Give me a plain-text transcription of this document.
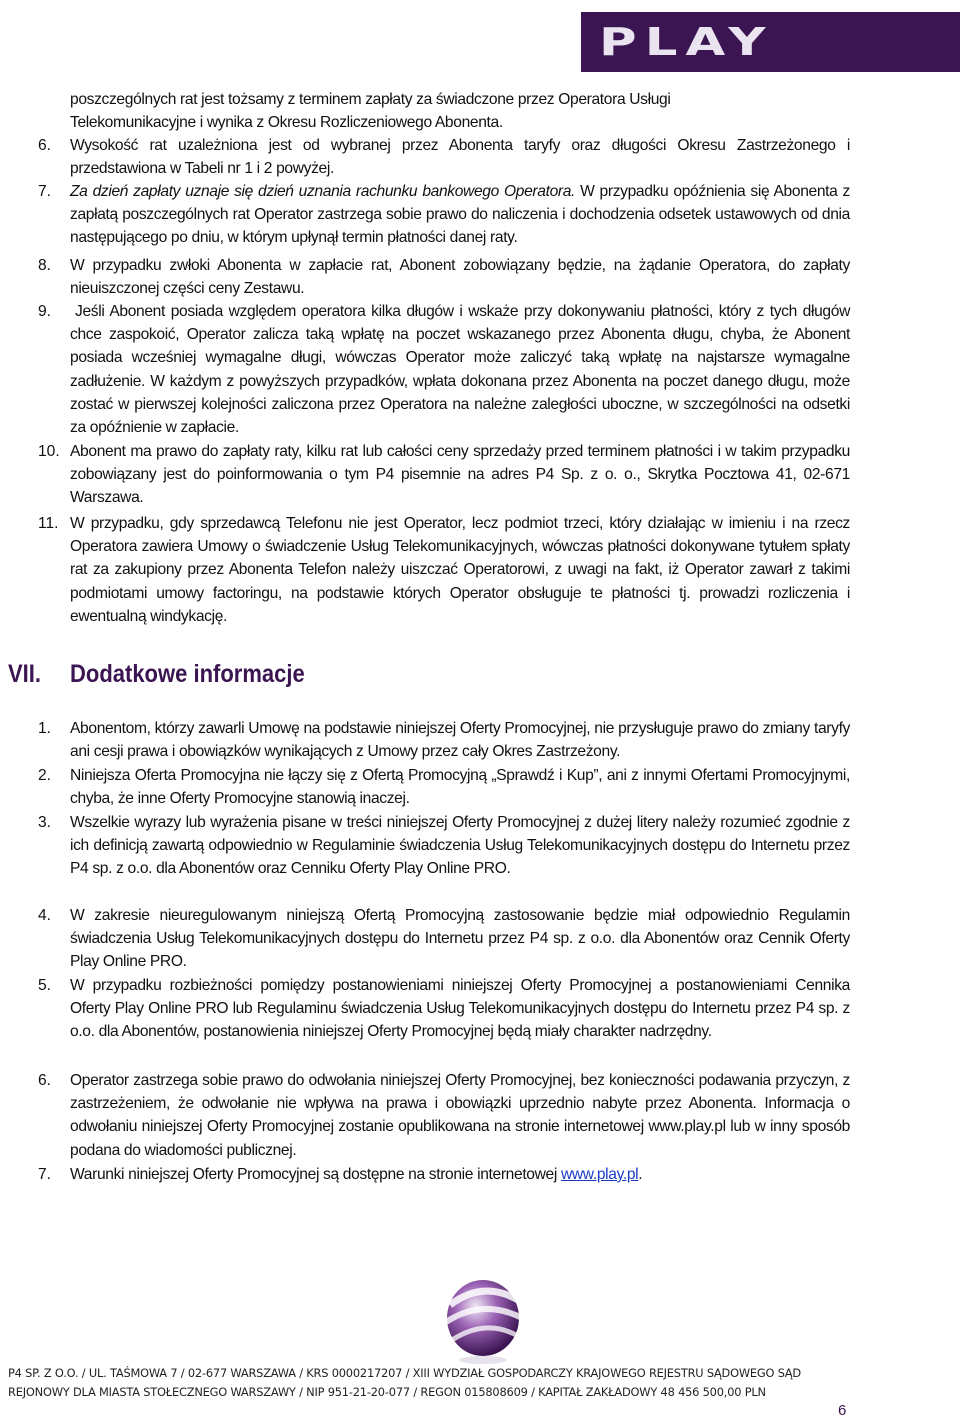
PLAY
poszczególnych rat jest tożsamy z terminem zapłaty za świadczone przez Operatora Usługi
Telekomunikacyjne i wynika z Okresu Rozliczeniowego Abonenta.
6. Wysokość rat uzależniona jest od wybranej przez Abonenta taryfy oraz długości Okresu Zastrzeżonego i przedstawiona w Tabeli nr 1 i 2 powyżej.
7. Za dzień zapłaty uznaje się dzień uznania rachunku bankowego Operatora. W przypadku opóźnienia się Abonenta z zapłatą poszczególnych rat Operator zastrzega sobie prawo do naliczenia i dochodzenia odsetek ustawowych od dnia następującego po dniu, w którym upłynął termin płatności danej raty.
8. W przypadku zwłoki Abonenta w zapłacie rat, Abonent zobowiązany będzie, na żądanie Operatora, do zapłaty nieuiszczonej części ceny Zestawu.
9.	Jeśli Abonent posiada względem operatora kilka długów i wskaże przy dokonywaniu płatności, który z tych długów chce zaspokoić, Operator zalicza taką wpłatę na poczet wskazanego przez Abonenta długu, chyba, że Abonent posiada wcześniej wymagalne długi, wówczas Operator może zaliczyć taką wpłatę na najstarsze wymagalne zadłużenie. W każdym z powyższych przypadków, wpłata dokonana przez Abonenta na poczet danego długu, może zostać w pierwszej kolejności zaliczona przez Operatora na należne zaległości uboczne, w szczególności na odsetki za opóźnienie w zapłacie.
10. Abonent ma prawo do zapłaty raty, kilku rat lub całości ceny sprzedaży przed terminem płatności i w takim przypadku zobowiązany jest do poinformowania o tym P4 pisemnie na adres P4 Sp. z o. o., Skrytka Pocztowa 41, 02-671 Warszawa.
11. W przypadku, gdy sprzedawcą Telefonu nie jest Operator, lecz podmiot trzeci, który działając w imieniu i na rzecz Operatora zawiera Umowy o świadczenie Usług Telekomunikacyjnych, wówczas płatności dokonywane tytułem spłaty rat za zakupiony przez Abonenta Telefon należy uiszczać Operatorowi, z uwagi na fakt, iż Operator zawarł z takimi podmiotami umowy factoringu, na podstawie których Operator obsługuje te płatności tj. prowadzi rozliczenia i ewentualną windykację.
VII. Dodatkowe informacje
1. Abonentom, którzy zawarli Umowę na podstawie niniejszej Oferty Promocyjnej, nie przysługuje prawo do zmiany taryfy ani cesji prawa i obowiązków wynikających z Umowy przez cały Okres Zastrzeżony.
2. Niniejsza Oferta Promocyjna nie łączy się z Ofertą Promocyjną „Sprawdź i Kup”, ani z innymi Ofertami Promocyjnymi, chyba, że inne Oferty Promocyjne stanowią inaczej.
3. Wszelkie wyrazy lub wyrażenia pisane w treści niniejszej Oferty Promocyjnej z dużej litery należy rozumieć zgodnie z ich definicją zawartą odpowiednio w Regulaminie świadczenia Usług Telekomunikacyjnych dostępu do Internetu przez P4 sp. z o.o. dla Abonentów oraz Cenniku Oferty Play Online PRO.
4. W zakresie nieuregulowanym niniejszą Ofertą Promocyjną zastosowanie będzie miał odpowiednio Regulamin świadczenia Usług Telekomunikacyjnych dostępu do Internetu przez P4 sp. z o.o. dla Abonentów oraz Cennik Oferty Play Online PRO.
5. W przypadku rozbieżności pomiędzy postanowieniami niniejszej Oferty Promocyjnej a postanowieniami Cennika Oferty Play Online PRO lub Regulaminu świadczenia Usług Telekomunikacyjnych dostępu do Internetu przez P4 sp. z o.o. dla Abonentów, postanowienia niniejszej Oferty Promocyjnej będą miały charakter nadrzędny.
6. Operator zastrzega sobie prawo do odwołania niniejszej Oferty Promocyjnej, bez konieczności podawania przyczyn, z zastrzeżeniem, że odwołanie nie wpływa na prawa i obowiązki uprzednio nabyte przez Abonenta. Informacja o odwołaniu niniejszej Oferty Promocyjnej zostanie opublikowana na stronie internetowej www.play.pl lub w inny sposób podana do wiadomości publicznej.
7. Warunki niniejszej Oferty Promocyjnej są dostępne na stronie internetowej www.play.pl.
P4 SP. Z O.O. / UL. TAŚMOWA 7 / 02-677 WARSZAWA / KRS 0000217207 / XIII WYDZIAŁ GOSPODARCZY KRAJOWEGO REJESTRU SĄDOWEGO SĄD
REJONOWY DLA MIASTA STOŁECZNEGO WARSZAWY / NIP 951-21-20-077 / REGON 015808609 / KAPITAŁ ZAKŁADOWY 48 456 500,00 PLN
6
